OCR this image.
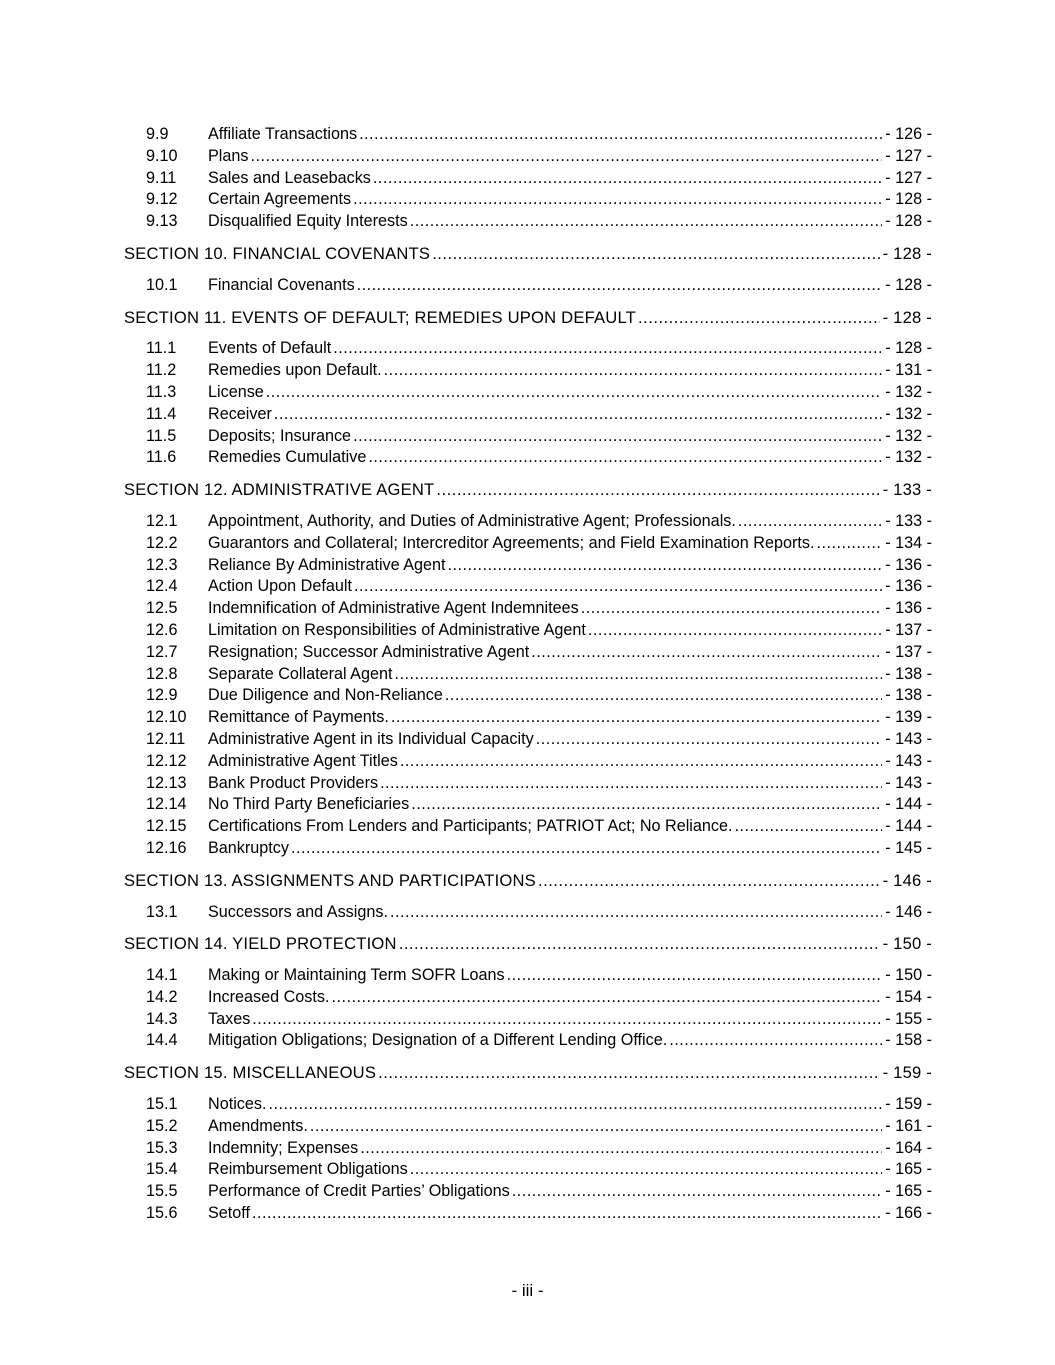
9.9	Affiliate Transactions .....	- 126 -
9.10	Plans .....	- 127 -
9.11	Sales and Leasebacks .....	- 127 -
9.12	Certain Agreements .....	- 128 -
9.13	Disqualified Equity Interests .....	- 128 -
SECTION 10. FINANCIAL COVENANTS .....	- 128 -
10.1	Financial Covenants .....	- 128 -
SECTION 11. EVENTS OF DEFAULT; REMEDIES UPON DEFAULT .....	- 128 -
11.1	Events of Default .....	- 128 -
11.2	Remedies upon Default. .....	- 131 -
11.3	License .....	- 132 -
11.4	Receiver .....	- 132 -
11.5	Deposits; Insurance .....	- 132 -
11.6	Remedies Cumulative .....	- 132 -
SECTION 12. ADMINISTRATIVE AGENT .....	- 133 -
12.1	Appointment, Authority, and Duties of Administrative Agent; Professionals. .....	- 133 -
12.2	Guarantors and Collateral; Intercreditor Agreements; and Field Examination Reports. .....	- 134 -
12.3	Reliance By Administrative Agent .....	- 136 -
12.4	Action Upon Default .....	- 136 -
12.5	Indemnification of Administrative Agent Indemnitees .....	- 136 -
12.6	Limitation on Responsibilities of Administrative Agent .....	- 137 -
12.7	Resignation; Successor Administrative Agent .....	- 137 -
12.8	Separate Collateral Agent .....	- 138 -
12.9	Due Diligence and Non-Reliance .....	- 138 -
12.10	Remittance of Payments. .....	- 139 -
12.11	Administrative Agent in its Individual Capacity .....	- 143 -
12.12	Administrative Agent Titles .....	- 143 -
12.13	Bank Product Providers .....	- 143 -
12.14	No Third Party Beneficiaries .....	- 144 -
12.15	Certifications From Lenders and Participants; PATRIOT Act; No Reliance. .....	- 144 -
12.16	Bankruptcy .....	- 145 -
SECTION 13. ASSIGNMENTS AND PARTICIPATIONS .....	- 146 -
13.1	Successors and Assigns. .....	- 146 -
SECTION 14. YIELD PROTECTION .....	- 150 -
14.1	Making or Maintaining Term SOFR Loans .....	- 150 -
14.2	Increased Costs. .....	- 154 -
14.3	Taxes .....	- 155 -
14.4	Mitigation Obligations; Designation of a Different Lending Office. .....	- 158 -
SECTION 15. MISCELLANEOUS .....	- 159 -
15.1	Notices. .....	- 159 -
15.2	Amendments. .....	- 161 -
15.3	Indemnity; Expenses .....	- 164 -
15.4	Reimbursement Obligations .....	- 165 -
15.5	Performance of Credit Parties’ Obligations .....	- 165 -
15.6	Setoff .....	- 166 -
- iii -
